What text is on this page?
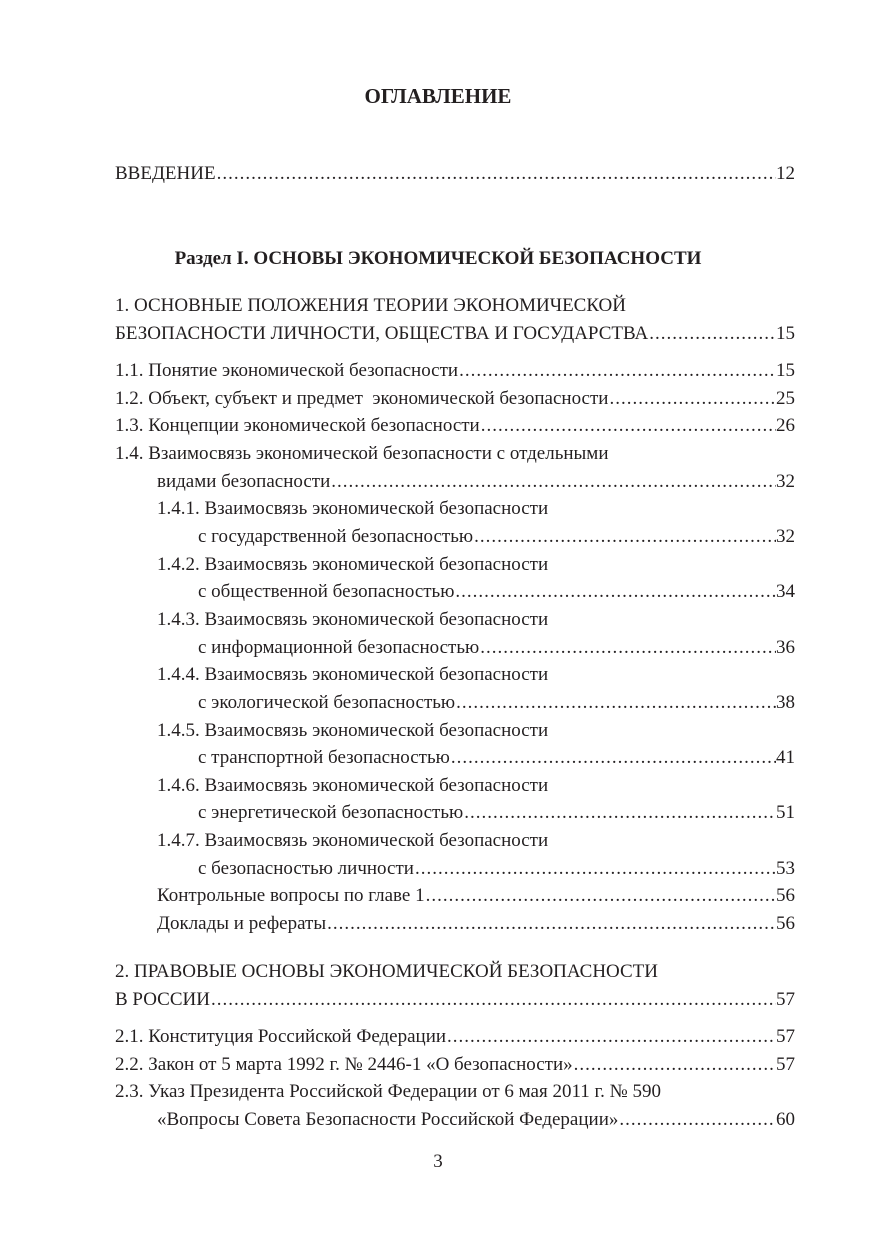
ОГЛАВЛЕНИЕ
ВВЕДЕНИЕ .....	12
Раздел I. ОСНОВЫ ЭКОНОМИЧЕСКОЙ БЕЗОПАСНОСТИ
1. ОСНОВНЫЕ ПОЛОЖЕНИЯ ТЕОРИИ ЭКОНОМИЧЕСКОЙ
БЕЗОПАСНОСТИ ЛИЧНОСТИ, ОБЩЕСТВА И ГОСУДАРСТВА .....	15
1.1. Понятие экономической безопасности .....	15
1.2. Объект, субъект и предмет  экономической безопасности .....	25
1.3. Концепции экономической безопасности .....	26
1.4. Взаимосвязь экономической безопасности с отдельными
видами безопасности .....	32
1.4.1. Взаимосвязь экономической безопасности
с государственной безопасностью .....	32
1.4.2. Взаимосвязь экономической безопасности
с общественной безопасностью .....	34
1.4.3. Взаимосвязь экономической безопасности
с информационной безопасностью .....	36
1.4.4. Взаимосвязь экономической безопасности
с экологической безопасностью .....	38
1.4.5. Взаимосвязь экономической безопасности
с транспортной безопасностью .....	41
1.4.6. Взаимосвязь экономической безопасности
с энергетической безопасностью .....	51
1.4.7. Взаимосвязь экономической безопасности
с безопасностью личности .....	53
Контрольные вопросы по главе 1 .....	56
Доклады и рефераты .....	56
2. ПРАВОВЫЕ ОСНОВЫ ЭКОНОМИЧЕСКОЙ БЕЗОПАСНОСТИ
В РОССИИ .....	57
2.1. Конституция Российской Федерации .....	57
2.2. Закон от 5 марта 1992 г. № 2446-1 «О безопасности» .....	57
2.3. Указ Президента Российской Федерации от 6 мая 2011 г. № 590
«Вопросы Совета Безопасности Российской Федерации» .....	60
3
